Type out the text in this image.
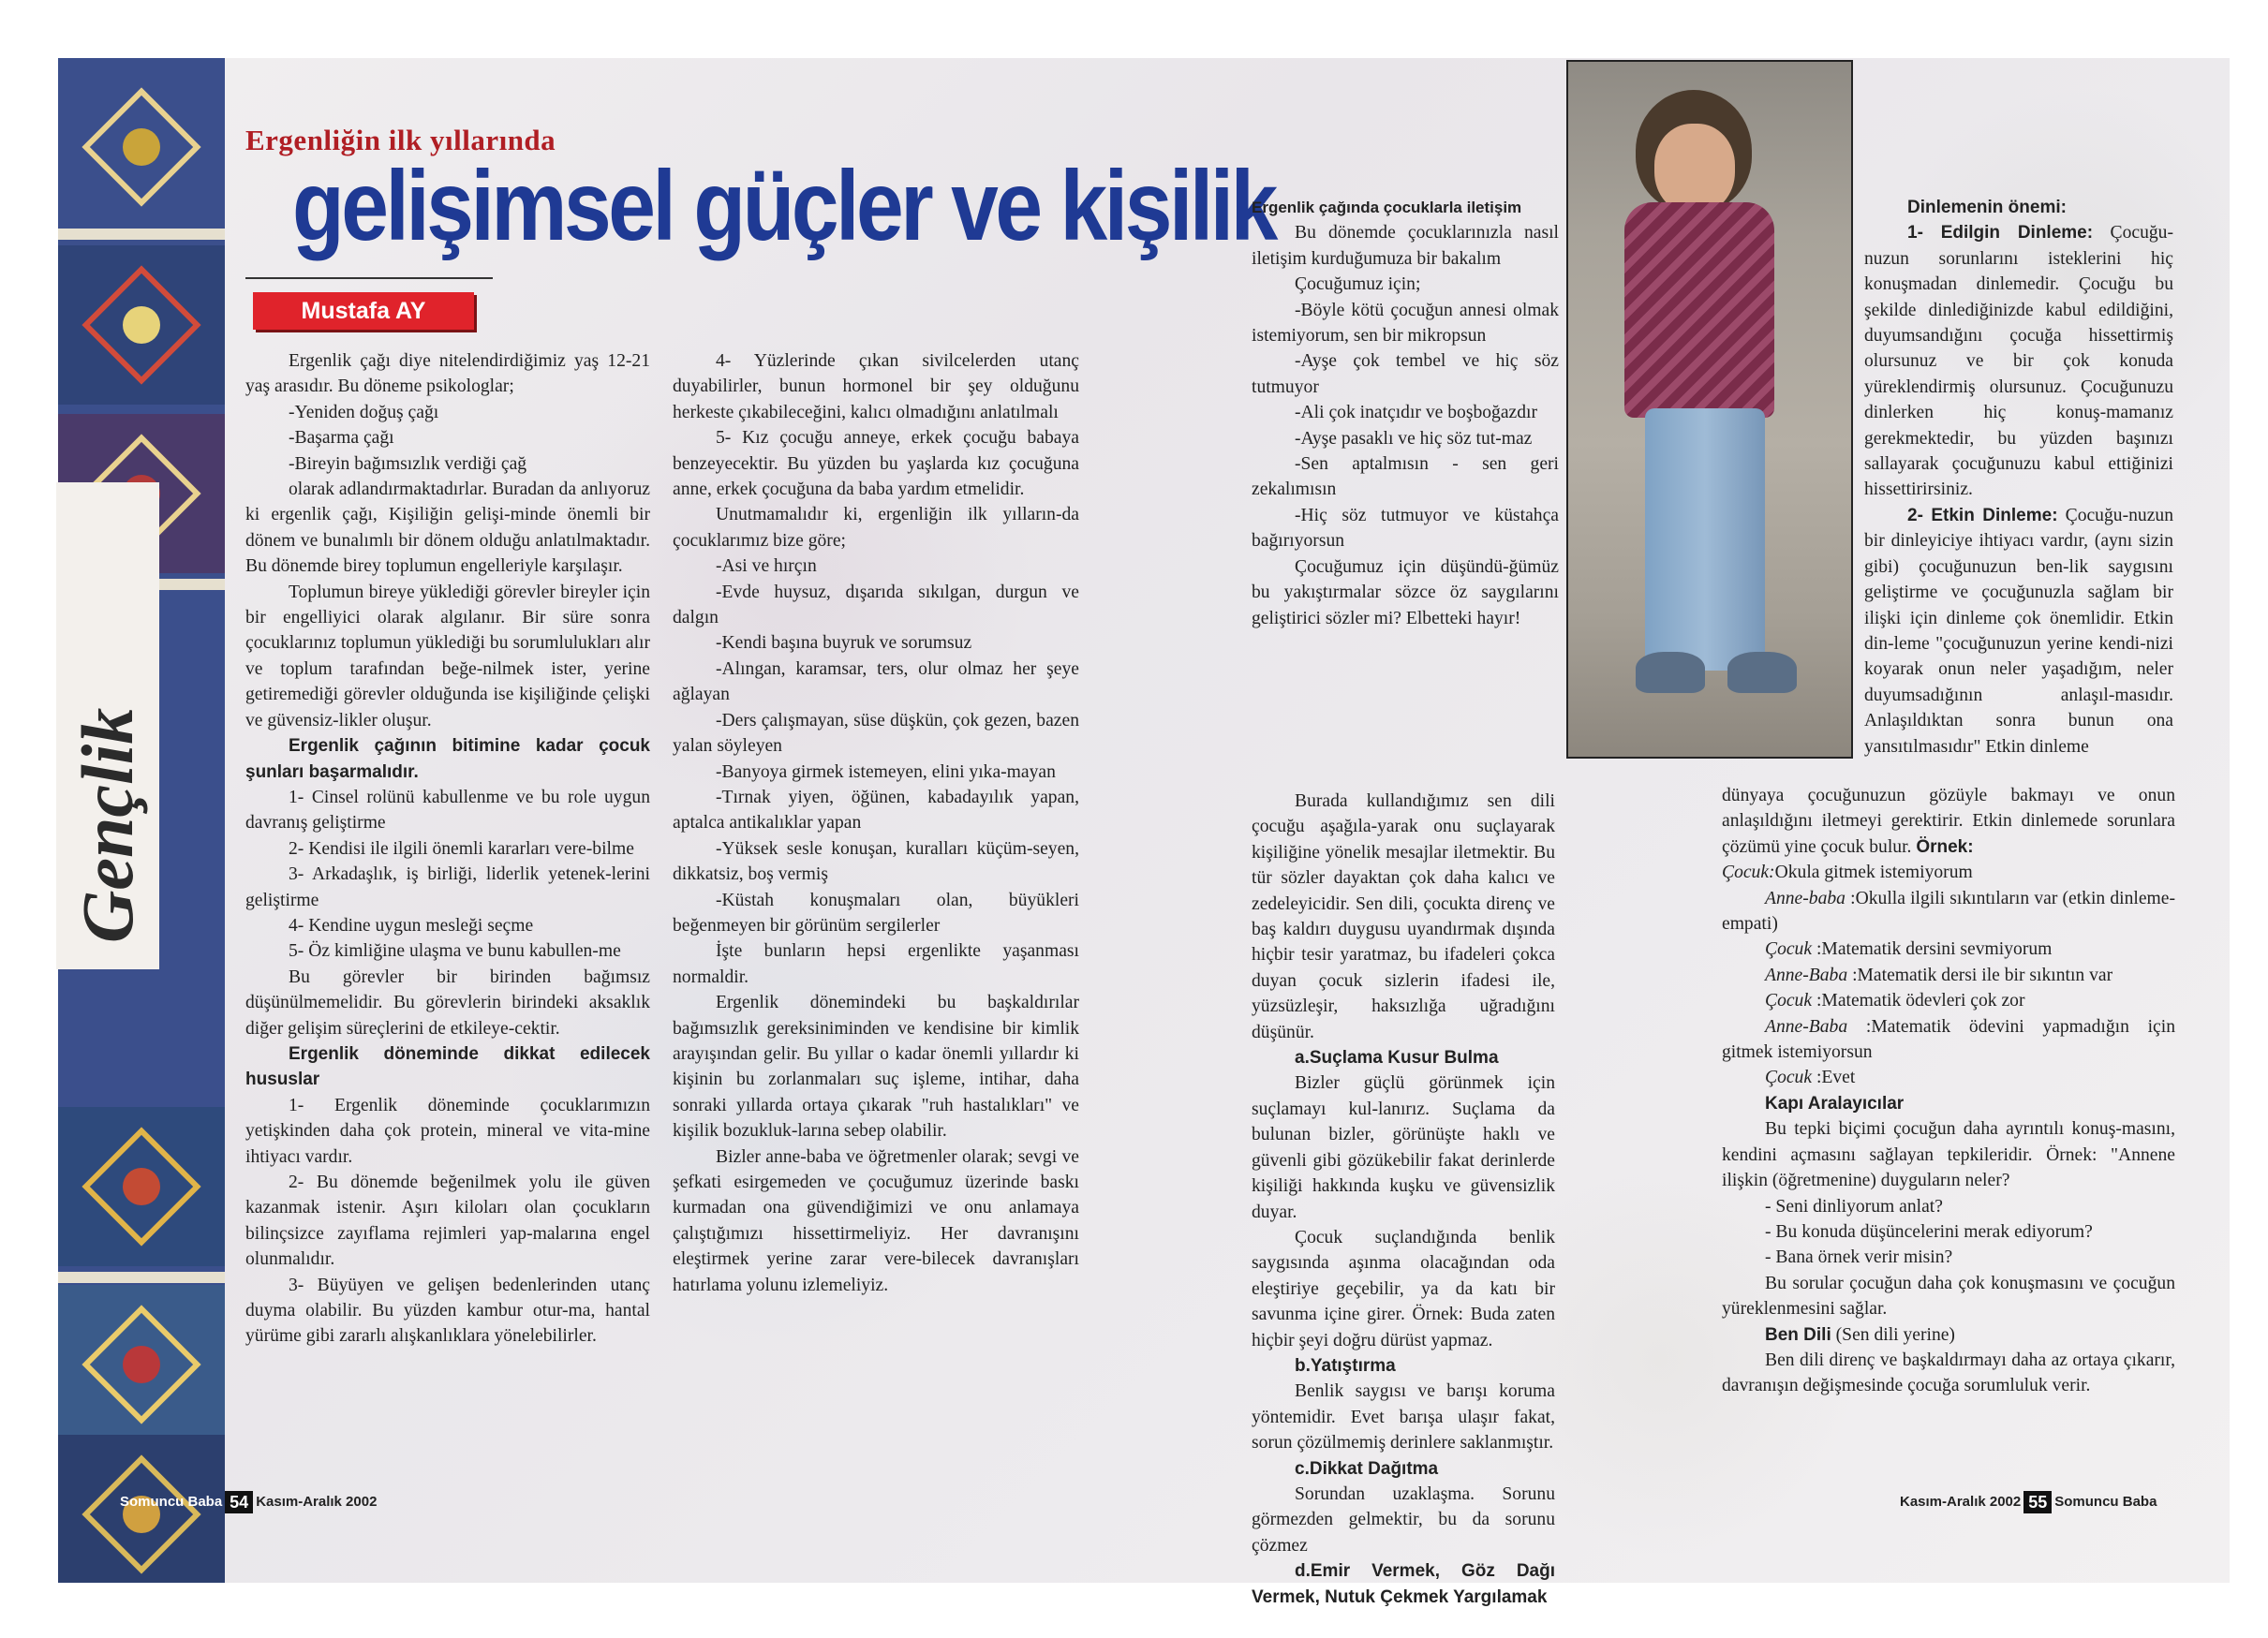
Gençlik
Ergenliğin ilk yıllarında
gelişimsel güçler ve kişilik
Mustafa AY

Ergenlik çağı diye nitelendirdiğimiz yaş 12-21 yaş arasıdır. Bu döneme psikologlar;

-Yeniden doğuş çağı

-Başarma çağı

-Bireyin bağımsızlık verdiği çağ

olarak adlandırmaktadırlar. Buradan da anlıyoruz ki ergenlik çağı, Kişiliğin gelişi-minde önemli bir dönem ve bunalımlı bir dönem olduğu anlatılmaktadır. Bu dönemde birey toplumun engelleriyle karşılaşır.

Toplumun bireye yüklediği görevler bireyler için bir engelliyici olarak algılanır. Bir süre sonra çocuklarınız toplumun yüklediği bu sorumlulukları alır ve toplum tarafından beğe-nilmek ister, yerine getiremediği görevler olduğunda ise kişiliğinde çelişki ve güvensiz-likler oluşur.

Ergenlik çağının bitimine kadar çocuk şunları başarmalıdır.

1- Cinsel rolünü kabullenme ve bu role uygun davranış geliştirme

2- Kendisi ile ilgili önemli kararları vere-bilme

3- Arkadaşlık, iş birliği, liderlik yetenek-lerini geliştirme

4- Kendine uygun mesleği seçme

5- Öz kimliğine ulaşma ve bunu kabullen-me

Bu görevler bir birinden bağımsız düşünülmemelidir. Bu görevlerin birindeki aksaklık diğer gelişim süreçlerini de etkileye-cektir.

Ergenlik döneminde dikkat edilecek hususlar

1- Ergenlik döneminde çocuklarımızın yetişkinden daha çok protein, mineral ve vita-mine ihtiyacı vardır.

2- Bu dönemde beğenilmek yolu ile güven kazanmak istenir. Aşırı kiloları olan çocukların bilinçsizce zayıflama rejimleri yap-malarına engel olunmalıdır.

3- Büyüyen ve gelişen bedenlerinden utanç duyma olabilir. Bu yüzden kambur otur-ma, hantal yürüme gibi zararlı alışkanlıklara yönelebilirler.

4- Yüzlerinde çıkan sivilcelerden utanç duyabilirler, bunun hormonel bir şey olduğunu herkeste çıkabileceğini, kalıcı olmadığını anlatılmalı

5- Kız çocuğu anneye, erkek çocuğu babaya benzeyecektir. Bu yüzden bu yaşlarda kız çocuğuna anne, erkek çocuğuna da baba yardım etmelidir.

Unutmamalıdır ki, ergenliğin ilk yılların-da çocuklarımız bize göre;

-Asi ve hırçın

-Evde huysuz, dışarıda sıkılgan, durgun ve dalgın

-Kendi başına buyruk ve sorumsuz

-Alıngan, karamsar, ters, olur olmaz her şeye ağlayan

-Ders çalışmayan, süse düşkün, çok gezen, bazen yalan söyleyen

-Banyoya girmek istemeyen, elini yıka-mayan

-Tırnak yiyen, öğünen, kabadayılık yapan, aptalca antikalıklar yapan

-Yüksek sesle konuşan, kuralları küçüm-seyen, dikkatsiz, boş vermiş

-Küstah konuşmaları olan, büyükleri beğenmeyen bir görünüm sergilerler

İşte bunların hepsi ergenlikte yaşanması normaldir.

Ergenlik dönemindeki bu başkaldırılar bağımsızlık gereksiniminden ve kendisine bir kimlik arayışından gelir. Bu yıllar o kadar önemli yıllardır ki kişinin bu zorlanmaları suç işleme, intihar, daha sonraki yıllarda ortaya çıkarak "ruh hastalıkları" ve kişilik bozukluk-larına sebep olabilir.

Bizler anne-baba ve öğretmenler olarak; sevgi ve şefkati esirgemeden ve çocuğumuz üzerinde baskı kurmadan ona güvendiğimizi ve onu anlamaya çalıştığımızı hissettirmeliyiz. Her davranışını eleştirmek yerine zarar vere-bilecek davranışları hatırlama yolunu izlemeliyiz.

Ergenlik çağında çocuklarla iletişim

Bu dönemde çocuklarınızla nasıl iletişim kurduğumuza bir bakalım

Çocuğumuz için;

-Böyle kötü çocuğun annesi olmak istemiyorum, sen bir mikropsun

-Ayşe çok tembel ve hiç söz tutmuyor

-Ali çok inatçıdır ve boşboğazdır

-Ayşe pasaklı ve hiç söz tut-maz

-Sen aptalmısın - sen geri zekalımısın

-Hiç söz tutmuyor ve küstahça bağırıyorsun

Çocuğumuz için düşündü-ğümüz bu yakıştırmalar sözce öz saygılarını geliştirici sözler mi? Elbetteki hayır!

Burada kullandığımız sen dili çocuğu aşağıla-yarak onu suçlayarak kişiliğine yönelik mesajlar iletmektir. Bu tür sözler dayaktan çok daha kalıcı ve zedeleyicidir. Sen dili, çocukta direnç ve baş kaldırı duygusu uyandırmak dışında hiçbir tesir yaratmaz, bu ifadeleri çokca duyan çocuk sizlerin ifadesi ile, yüzsüzleşir, haksızlığa uğradığını düşünür.

a.Suçlama Kusur Bulma

Bizler güçlü görünmek için suçlamayı kul-lanırız. Suçlama da bulunan bizler, görünüşte haklı ve güvenli gibi gözükebilir fakat derinlerde kişiliği hakkında kuşku ve güvensizlik duyar.

Çocuk suçlandığında benlik saygısında aşınma olacağından oda eleştiriye geçebilir, ya da katı bir savunma içine girer. Örnek: Buda zaten hiçbir şeyi doğru dürüst yapmaz.

b.Yatıştırma

Benlik saygısı ve barışı koruma yöntemidir. Evet barışa ulaşır fakat, sorun çözülmemiş derinlere saklanmıştır.

c.Dikkat Dağıtma

Sorundan uzaklaşma. Sorunu görmezden gelmektir, bu da sorunu çözmez

d.Emir Vermek, Göz Dağı Vermek, Nutuk Çekmek Yargılamak

Dinlemenin önemi:

1- Edilgin Dinleme: Çocuğu-nuzun sorunlarını isteklerini hiç konuşmadan dinlemedir. Çocuğu bu şekilde dinlediğinizde kabul edildiğini, duyumsandığını çocuğa hissettirmiş olursunuz ve bir çok konuda yüreklendirmiş olursunuz. Çocuğunuzu dinlerken hiç konuş-mamanız gerekmektedir, bu yüzden başınızı sallayarak çocuğunuzu kabul ettiğinizi hissettirirsiniz.

2- Etkin Dinleme: Çocuğu-nuzun bir dinleyiciye ihtiyacı vardır, (aynı sizin gibi) çocuğunuzun ben-lik saygısını geliştirme ve çocuğunuzla sağlam bir ilişki için dinleme çok önemlidir. Etkin din-leme "çocuğunuzun yerine kendi-nizi koyarak onun neler yaşadığım, neler duyumsadığının anlaşıl-masıdır. Anlaşıldıktan sonra bunun ona yansıtılmasıdır" Etkin dinleme

dünyaya çocuğunuzun gözüyle bakmayı ve onun anlaşıldığını iletmeyi gerektirir. Etkin dinlemede sorunlara çözümü yine çocuk bulur. Örnek:

Çocuk:Okula gitmek istemiyorum

Anne-baba :Okulla ilgili sıkıntıların var (etkin dinleme-empati)

Çocuk :Matematik dersini sevmiyorum

Anne-Baba :Matematik dersi ile bir sıkıntın var

Çocuk :Matematik ödevleri çok zor

Anne-Baba :Matematik ödevini yapmadığın için gitmek istemiyorsun

Çocuk :Evet

Kapı Aralayıcılar

Bu tepki biçimi çocuğun daha ayrıntılı konuş-masını, kendini açmasını sağlayan tepkileridir. Örnek: "Annene ilişkin (öğretmenine) duyguların neler?

- Seni dinliyorum anlat?

- Bu konuda düşüncelerini merak ediyorum?

- Bana örnek verir misin?

Bu sorular çocuğun daha çok konuşmasını ve çocuğun yüreklenmesini sağlar.

Ben Dili (Sen dili yerine)

Ben dili direnç ve başkaldırmayı daha az ortaya çıkarır, davranışın değişmesinde çocuğa sorumluluk verir.

Somuncu Baba 54 Kasım-Aralık 2002	Kasım-Aralık 2002 55 Somuncu Baba
